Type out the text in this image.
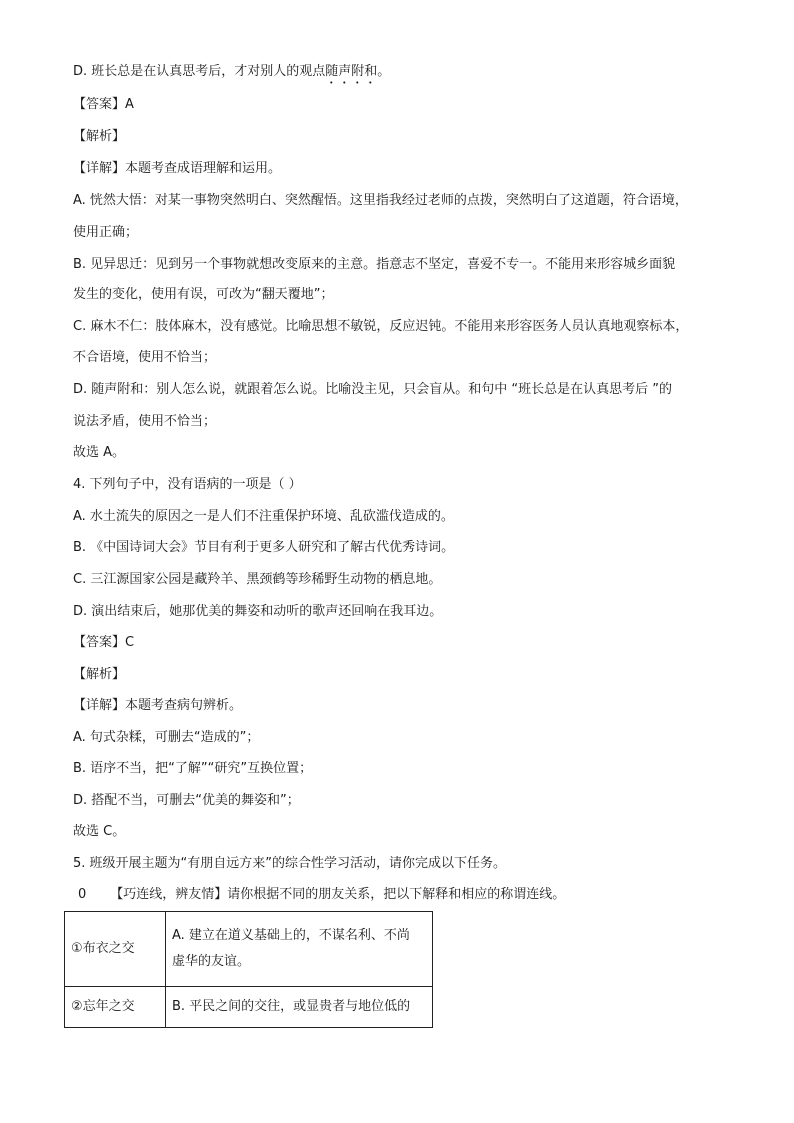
D. 班长总是在认真思考后，才对别人的观点随声附和。
【答案】A
【解析】
【详解】本题考查成语理解和运用。
A. 恍然大悟：对某一事物突然明白、突然醒悟。这里指我经过老师的点拨，突然明白了这道题，符合语境，
使用正确；
B. 见异思迁：见到另一个事物就想改变原来的主意。指意志不坚定，喜爱不专一。不能用来形容城乡面貌
发生的变化，使用有误，可改为“翻天覆地”；
C. 麻木不仁：肢体麻木，没有感觉。比喻思想不敏锐，反应迟钝。不能用来形容医务人员认真地观察标本，
不合语境，使用不恰当；
D. 随声附和：别人怎么说，就跟着怎么说。比喻没主见，只会盲从。和句中 “班长总是在认真思考后 ”的
说法矛盾，使用不恰当；
故选 A。
4. 下列句子中，没有语病的一项是（ ）
A. 水土流失的原因之一是人们不注重保护环境、乱砍滥伐造成的。
B. 《中国诗词大会》节目有利于更多人研究和了解古代优秀诗词。
C. 三江源国家公园是藏羚羊、黑颈鹤等珍稀野生动物的栖息地。
D. 演出结束后，她那优美的舞姿和动听的歌声还回响在我耳边。
【答案】C
【解析】
【详解】本题考查病句辨析。
A. 句式杂糅，可删去“造成的”；
B. 语序不当，把“了解”“研究”互换位置；
D. 搭配不当，可删去“优美的舞姿和”；
故选 C。
5. 班级开展主题为“有朋自远方来”的综合性学习活动，请你完成以下任务。
0 【巧连线，辨友情】请你根据不同的朋友关系，把以下解释和相应的称谓连线。
①布衣之交	A. 建立在道义基础上的，不谋名利、不尚
虚华的友谊。

②忘年之交	B. 平民之间的交往，或显贵者与地位低的
